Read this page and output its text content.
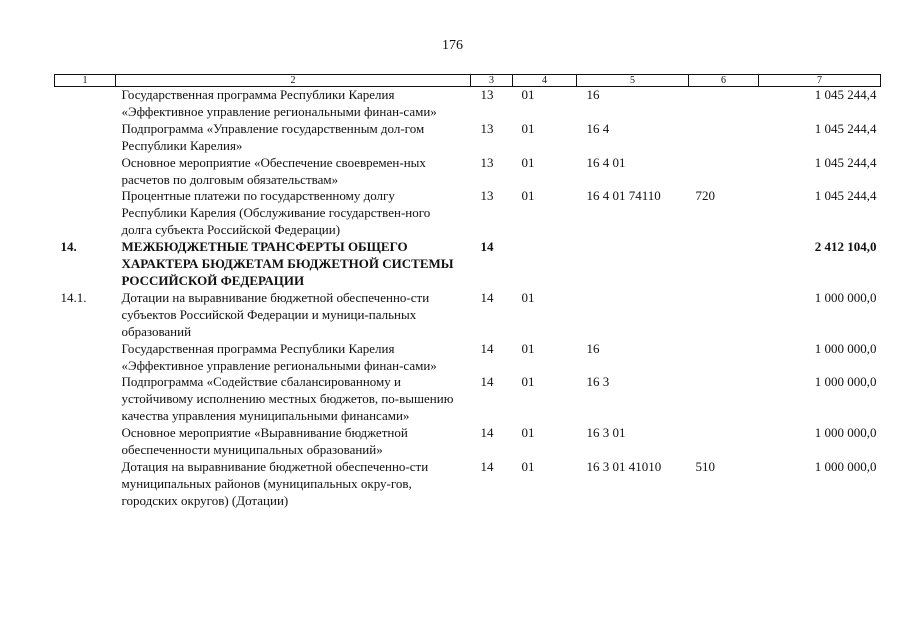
176
1	2	3	4	5	6	7
	Государственная программа Республики Карелия «Эффективное управление региональными финан-сами»	13	01	16		1 045 244,4
	Подпрограмма «Управление государственным дол-гом Республики Карелия»	13	01	16 4		1 045 244,4
	Основное мероприятие «Обеспечение своевремен-ных расчетов по долговым обязательствам»	13	01	16 4 01		1 045 244,4
	Процентные платежи по государственному долгу Республики Карелия (Обслуживание государствен-ного долга субъекта Российской Федерации)	13	01	16 4 01 74110	720	1 045 244,4
14.	МЕЖБЮДЖЕТНЫЕ ТРАНСФЕРТЫ ОБЩЕГО ХАРАКТЕРА БЮДЖЕТАМ БЮДЖЕТНОЙ СИСТЕМЫ РОССИЙСКОЙ ФЕДЕРАЦИИ	14				2 412 104,0
14.1.	Дотации на выравнивание бюджетной обеспеченно-сти субъектов Российской Федерации и муници-пальных образований	14	01			1 000 000,0
	Государственная программа Республики Карелия «Эффективное управление региональными финан-сами»	14	01	16		1 000 000,0
	Подпрограмма «Содействие сбалансированному и устойчивому исполнению местных бюджетов, по-вышению качества управления муниципальными финансами»	14	01	16 3		1 000 000,0
	Основное мероприятие «Выравнивание бюджетной обеспеченности муниципальных образований»	14	01	16 3 01		1 000 000,0
	Дотация на выравнивание бюджетной обеспеченно-сти муниципальных районов (муниципальных окру-гов, городских округов) (Дотации)	14	01	16 3 01 41010	510	1 000 000,0
